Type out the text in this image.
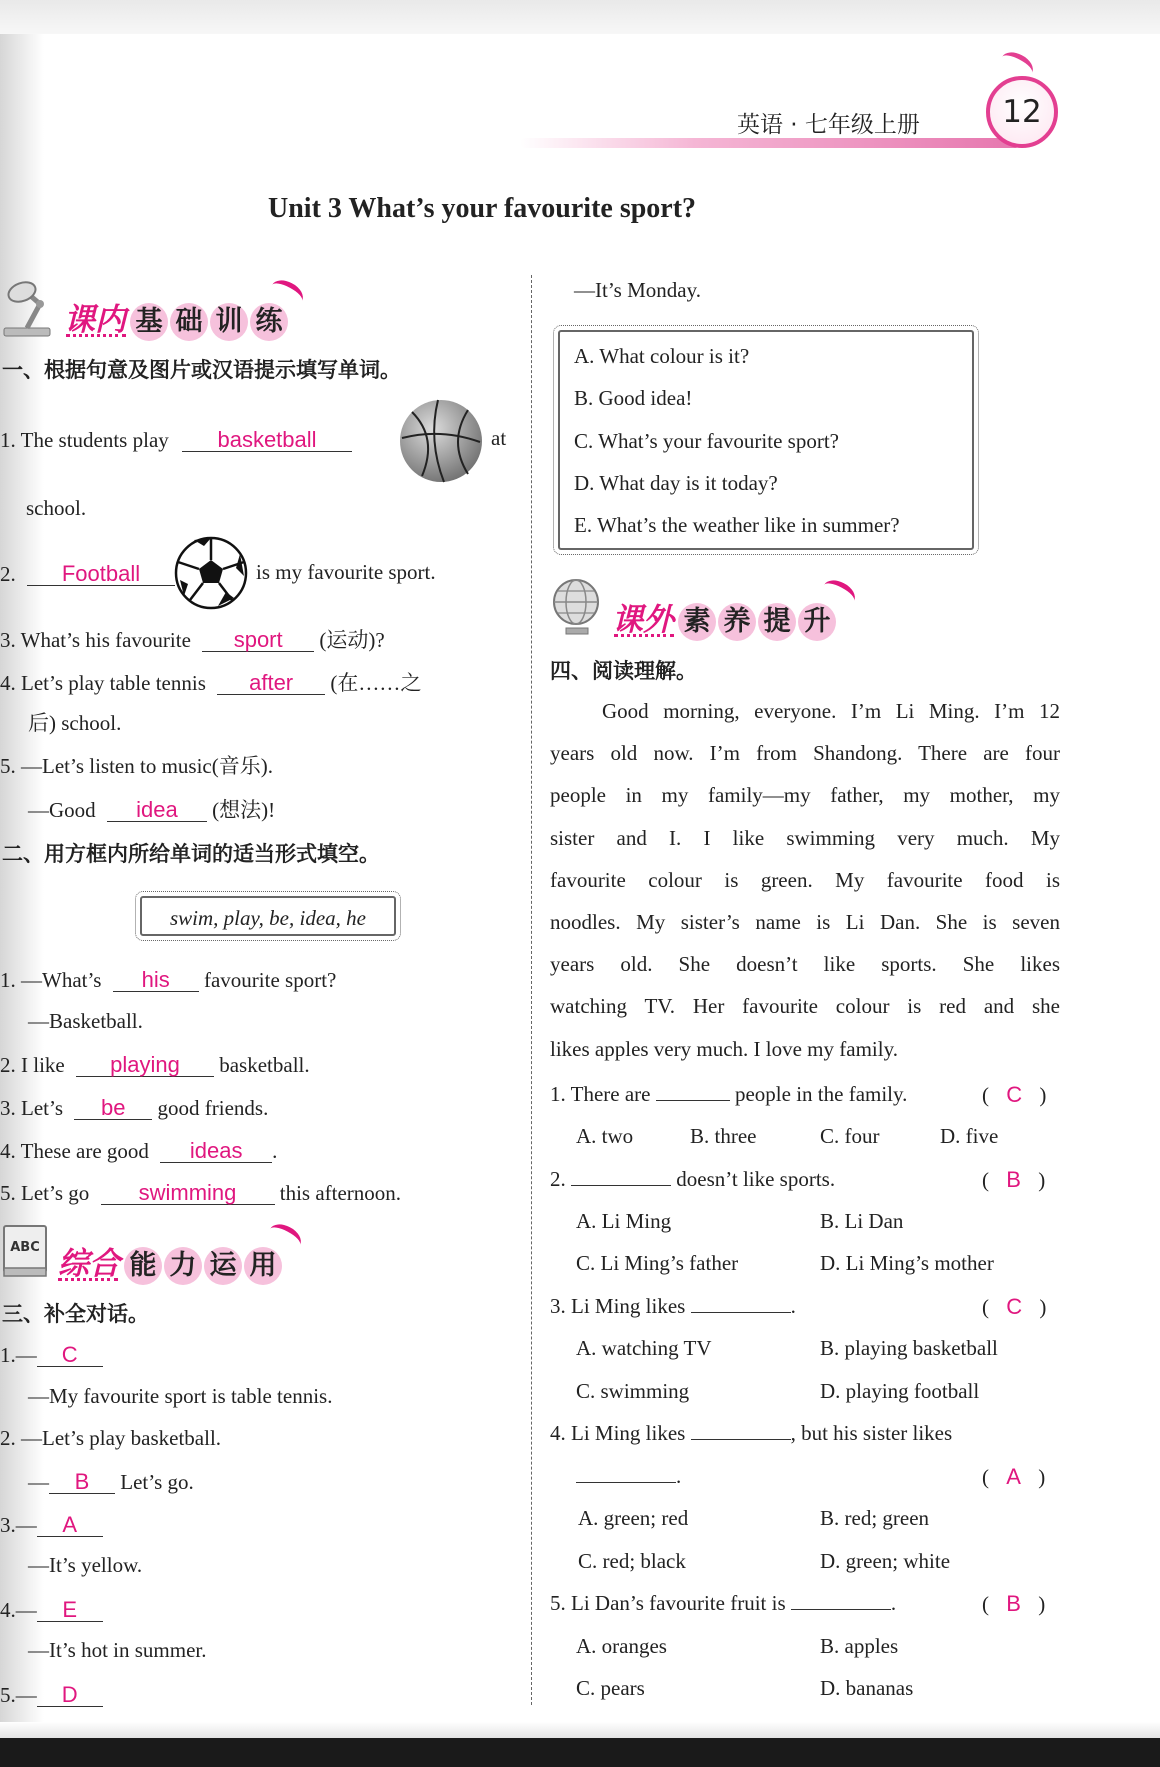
英语 · 七年级上册	12
Unit 3 What’s your favourite sport?
课内 基 础 训 练
一、根据句意及图片或汉语提示填写单词。
1. The students play basketball	at
school.
2. Football	is my favourite sport.
3. What’s his favourite sport (运动)?
4. Let’s play table tennis after (在……之
后) school.
5. —Let’s listen to music(音乐).
—Good idea (想法)!
二、用方框内所给单词的适当形式填空。
swim, play, be, idea, he
1. —What’s his favourite sport?
—Basketball.
2. I like playing basketball.
3. Let’s be good friends.
4. These are good ideas .
5. Let’s go swimming this afternoon.
ABC 综合 能 力 运 用
三、补全对话。
1.— C
—My favourite sport is table tennis.
2. —Let’s play basketball.
— B Let’s go.
3.— A
—It’s yellow.
4.— E
—It’s hot in summer.
5.— D
—It’s Monday.
A. What colour is it?
B. Good idea!
C. What’s your favourite sport?
D. What day is it today?
E. What’s the weather like in summer?
课外 素 养 提 升
四、阅读理解。
Good morning, everyone. I’m Li Ming. I’m 12
years old now. I’m from Shandong. There are four
people in my family—my father, my mother, my
sister and I. I like swimming very much. My
favourite colour is green. My favourite food is
noodles. My sister’s name is Li Dan. She is seven
years old. She doesn’t like sports. She likes
watching TV. Her favourite colour is red and she
likes apples very much. I love my family.
1. There are	people in the family.	( C )
A. two	B. three	C. four	D. five
2.	doesn’t like sports.	( B )
A. Li Ming	B. Li Dan
C. Li Ming’s father	D. Li Ming’s mother
3. Li Ming likes	.	( C )
A. watching TV	B. playing basketball
C. swimming	D. playing football
4. Li Ming likes	, but his sister likes
.	( A )
A. green; red	B. red; green
C. red; black	D. green; white
5. Li Dan’s favourite fruit is	.	( B )
A. oranges	B. apples
C. pears	D. bananas
